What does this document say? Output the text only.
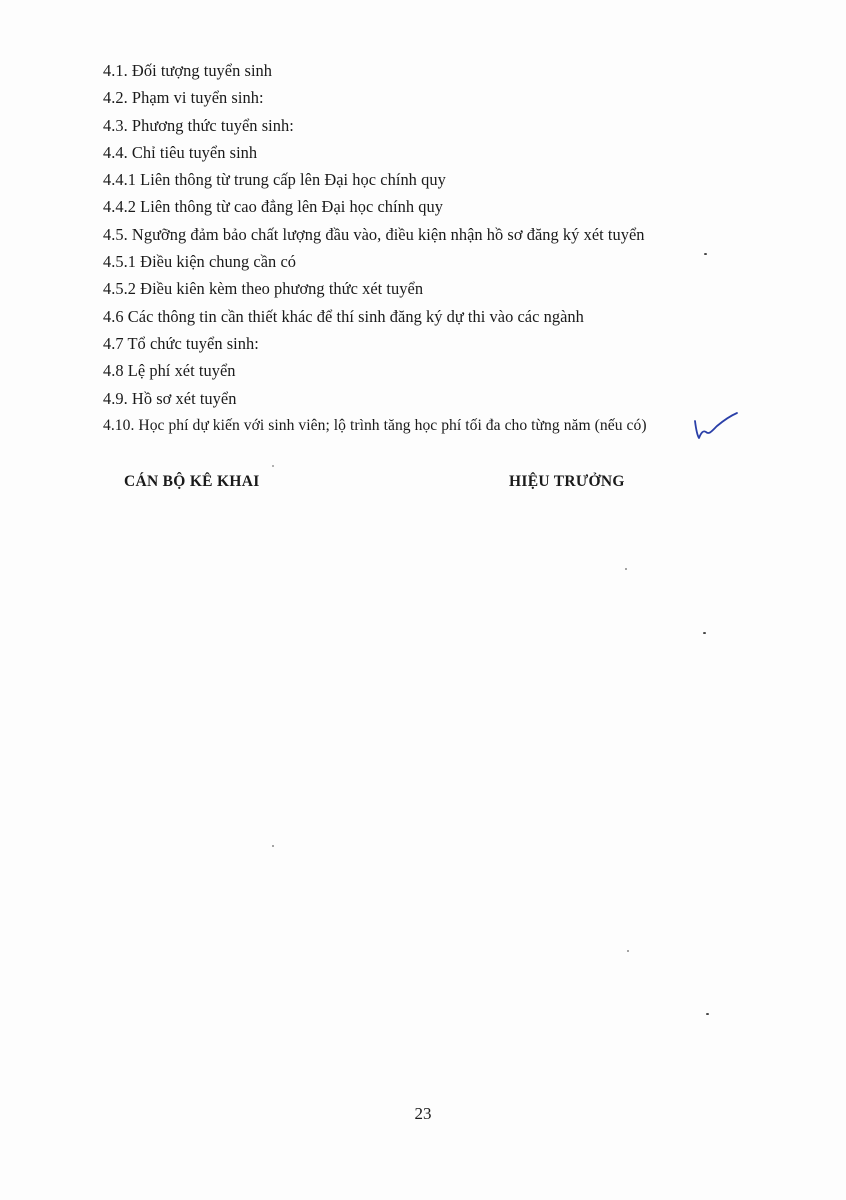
4.1. Đối tượng tuyển sinh
4.2. Phạm vi tuyển sinh:
4.3. Phương thức tuyển sinh:
4.4. Chỉ tiêu tuyển sinh
4.4.1 Liên thông từ trung cấp lên Đại học chính quy
4.4.2 Liên thông từ cao đẳng lên Đại học chính quy
4.5. Ngưỡng đảm bảo chất lượng đầu vào, điều kiện nhận hồ sơ đăng ký xét tuyển
4.5.1 Điều kiện chung cần có
4.5.2 Điều kiên kèm theo phương thức xét tuyển
4.6 Các thông tin cần thiết khác để thí sinh đăng ký dự thi vào các ngành
4.7 Tổ chức tuyển sinh:
4.8 Lệ phí xét tuyển
4.9. Hồ sơ xét tuyển
4.10. Học phí dự kiến với sinh viên; lộ trình tăng học phí tối đa cho từng năm (nếu có)
CÁN BỘ KÊ KHAI	HIỆU TRƯỞNG
23
